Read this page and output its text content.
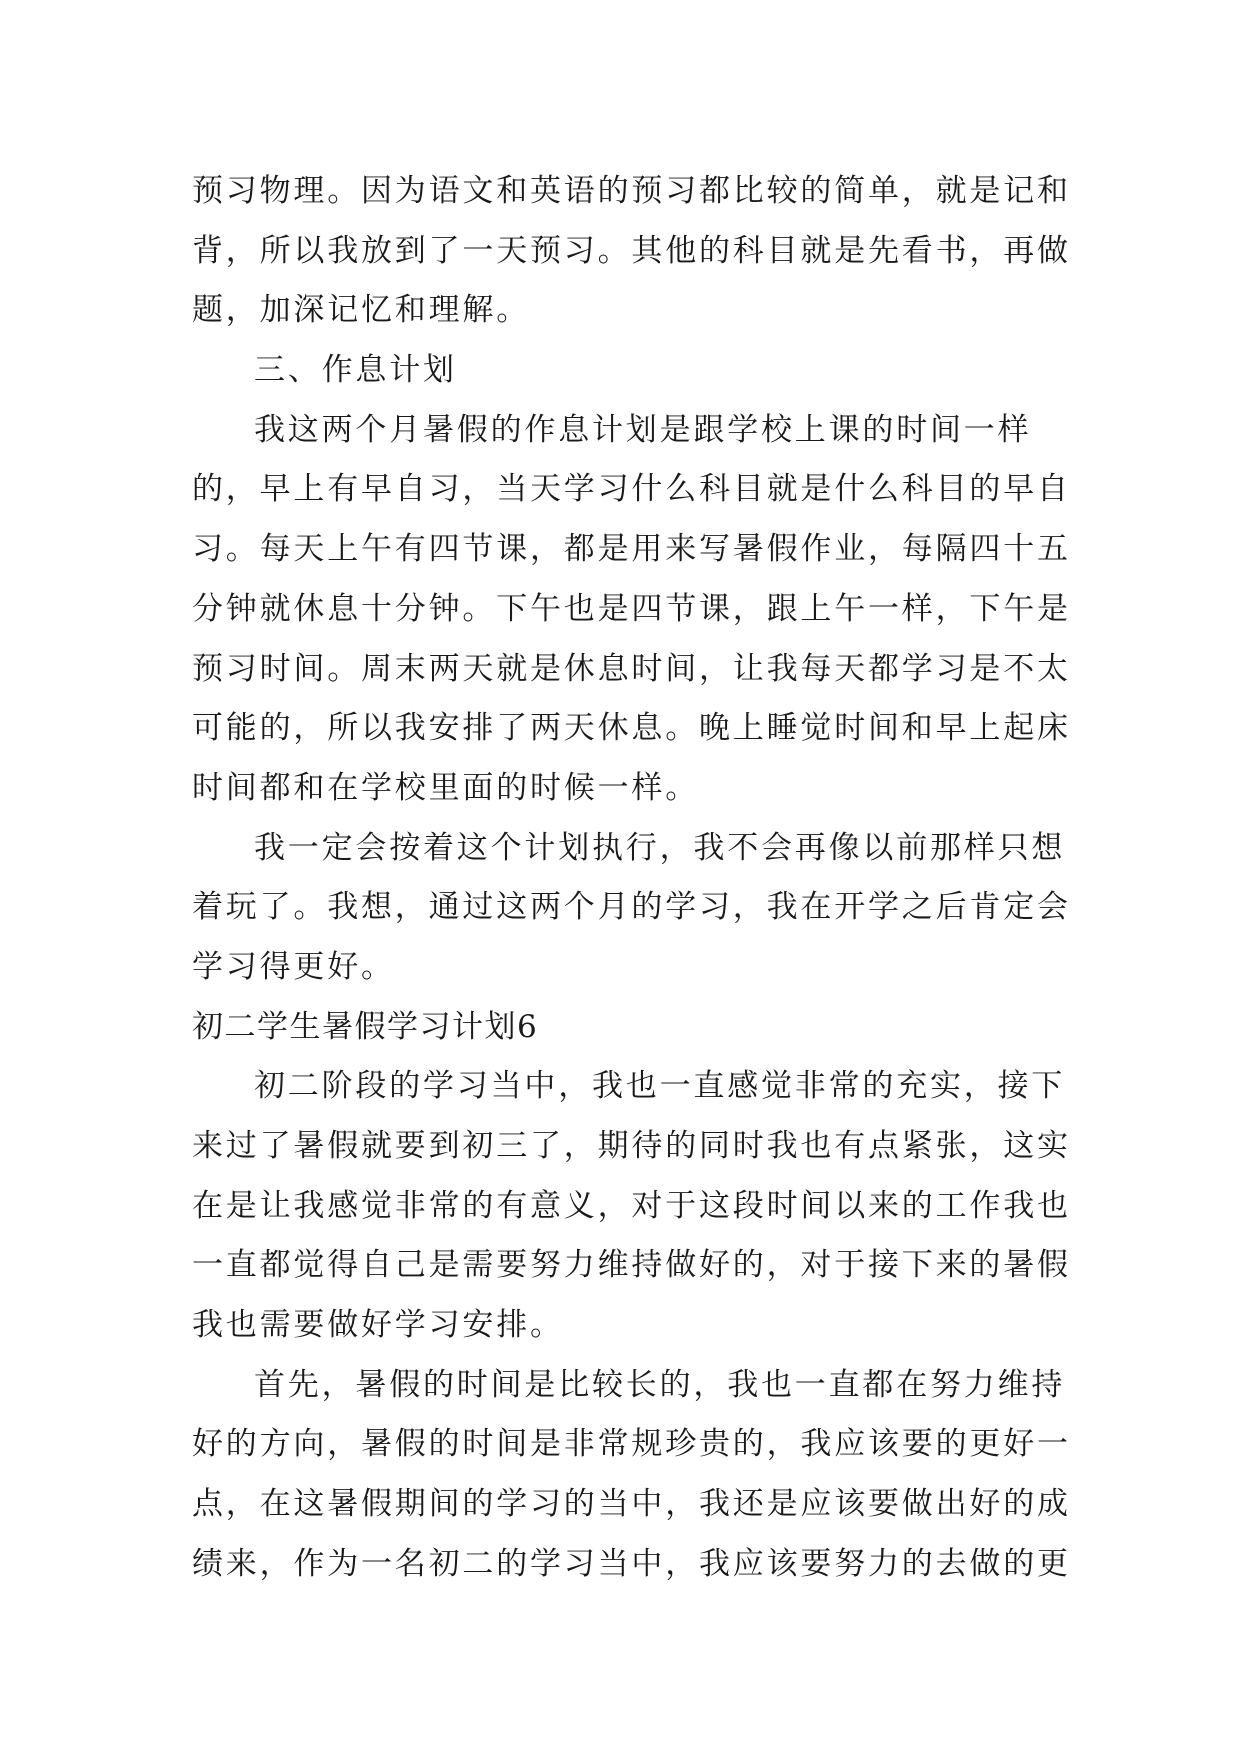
预习物理。因为语文和英语的预习都比较的简单，就是记和
背，所以我放到了一天预习。其他的科目就是先看书，再做
题，加深记忆和理解。
三、作息计划
我这两个月暑假的作息计划是跟学校上课的时间一样
的，早上有早自习，当天学习什么科目就是什么科目的早自
习。每天上午有四节课，都是用来写暑假作业，每隔四十五
分钟就休息十分钟。下午也是四节课，跟上午一样，下午是
预习时间。周末两天就是休息时间，让我每天都学习是不太
可能的，所以我安排了两天休息。晚上睡觉时间和早上起床
时间都和在学校里面的时候一样。
我一定会按着这个计划执行，我不会再像以前那样只想
着玩了。我想，通过这两个月的学习，我在开学之后肯定会
学习得更好。
初二学生暑假学习计划6
初二阶段的学习当中，我也一直感觉非常的充实，接下
来过了暑假就要到初三了，期待的同时我也有点紧张，这实
在是让我感觉非常的有意义，对于这段时间以来的工作我也
一直都觉得自己是需要努力维持做好的，对于接下来的暑假
我也需要做好学习安排。
首先，暑假的时间是比较长的，我也一直都在努力维持
好的方向，暑假的时间是非常规珍贵的，我应该要的更好一
点，在这暑假期间的学习的当中，我还是应该要做出好的成
绩来，作为一名初二的学习当中，我应该要努力的去做的更
